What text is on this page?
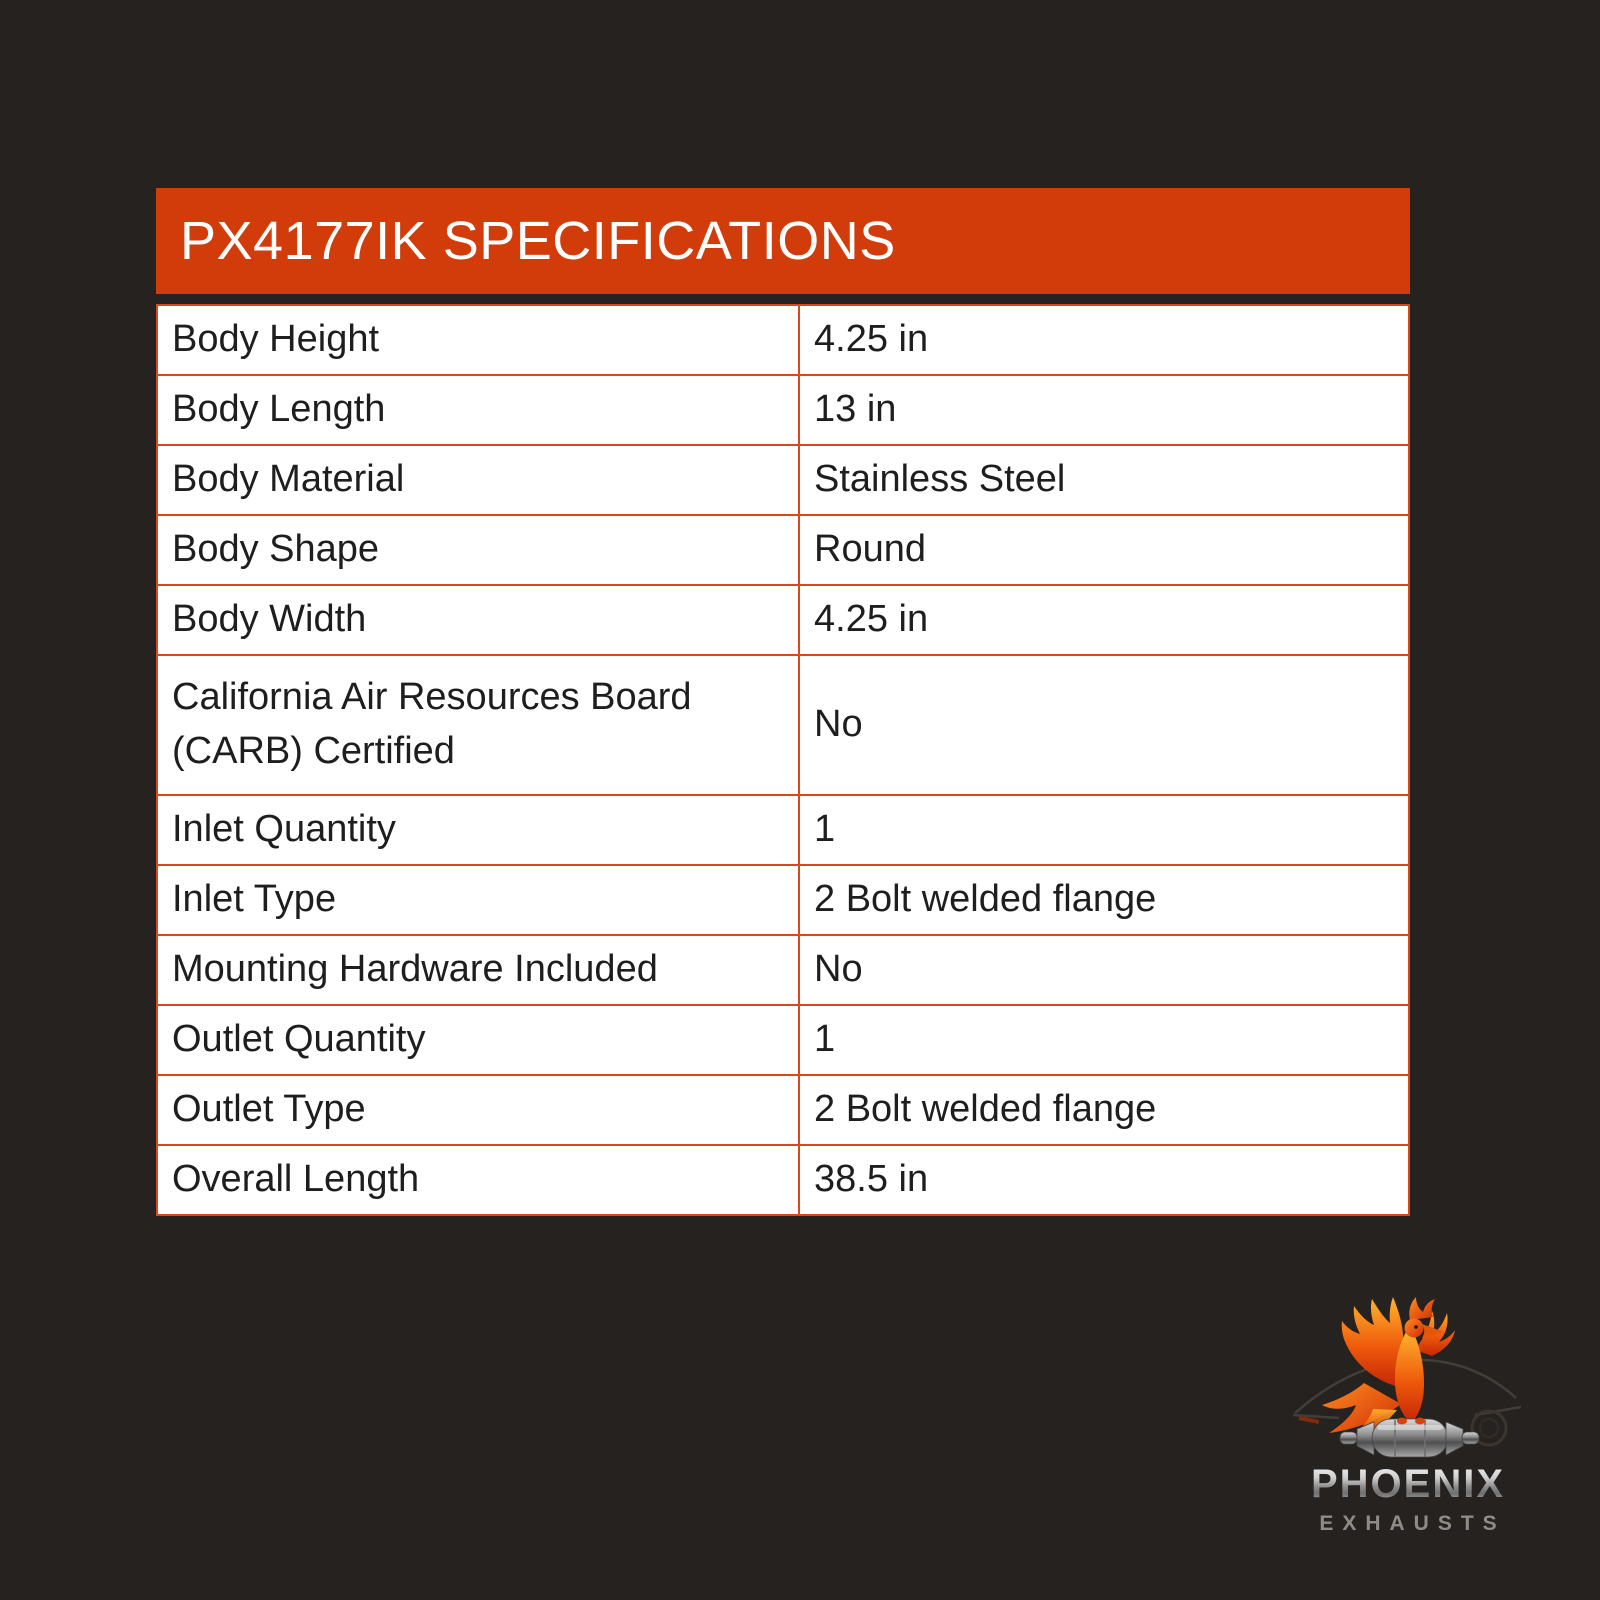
PX4177IK SPECIFICATIONS
Body Height	4.25 in
Body Length	13 in
Body Material	Stainless Steel
Body Shape	Round
Body Width	4.25 in
California Air Resources Board (CARB) Certified	No
Inlet Quantity	1
Inlet Type	2 Bolt welded flange
Mounting Hardware Included	No
Outlet Quantity	1
Outlet Type	2 Bolt welded flange
Overall Length	38.5 in
PHOENIX
EXHAUSTS
